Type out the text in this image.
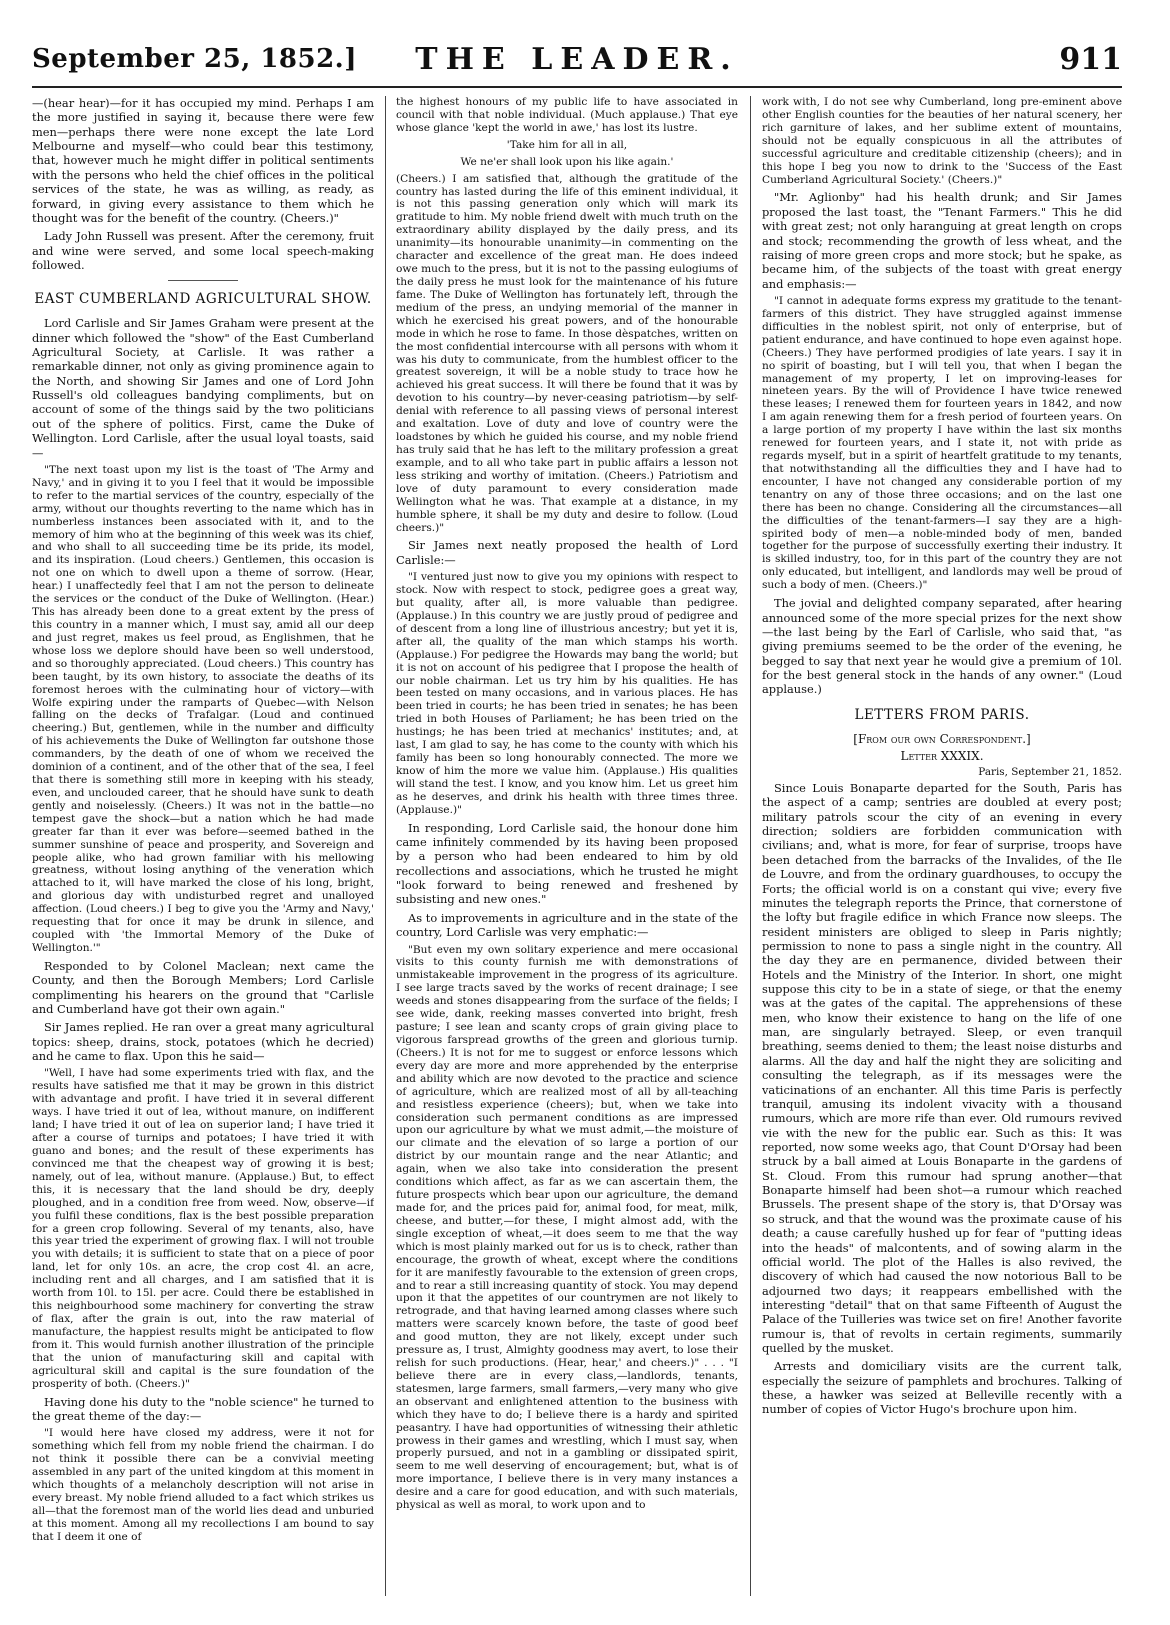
September 25, 1852.]	THE LEADER.	911

—(hear hear)—for it has occupied my mind. Perhaps I am the more justified in saying it, because there were few men—perhaps there were none except the late Lord Melbourne and myself—who could bear this testimony, that, however much he might differ in political sentiments with the persons who held the chief offices in the political services of the state, he was as willing, as ready, as forward, in giving every assistance to them which he thought was for the benefit of the country. (Cheers.)"

Lady John Russell was present. After the ceremony, fruit and wine were served, and some local speech-making followed.

EAST CUMBERLAND AGRICULTURAL SHOW.

Lord Carlisle and Sir James Graham were present at the dinner which followed the "show" of the East Cumberland Agricultural Society, at Carlisle. It was rather a remarkable dinner, not only as giving prominence again to the North, and showing Sir James and one of Lord John Russell's old colleagues bandying compliments, but on account of some of the things said by the two politicians out of the sphere of politics. First, came the Duke of Wellington. Lord Carlisle, after the usual loyal toasts, said—

"The next toast upon my list is the toast of 'The Army and Navy,' and in giving it to you I feel that it would be impossible to refer to the martial services of the country, especially of the army, without our thoughts reverting to the name which has in numberless instances been associated with it, and to the memory of him who at the beginning of this week was its chief, and who shall to all succeeding time be its pride, its model, and its inspiration. (Loud cheers.) Gentlemen, this occasion is not one on which to dwell upon a theme of sorrow. (Hear, hear.) I unaffectedly feel that I am not the person to delineate the services or the conduct of the Duke of Wellington. (Hear.) This has already been done to a great extent by the press of this country in a manner which, I must say, amid all our deep and just regret, makes us feel proud, as Englishmen, that he whose loss we deplore should have been so well understood, and so thoroughly appreciated. (Loud cheers.) This country has been taught, by its own history, to associate the deaths of its foremost heroes with the culminating hour of victory—with Wolfe expiring under the ramparts of Quebec—with Nelson falling on the decks of Trafalgar. (Loud and continued cheering.) But, gentlemen, while in the number and difficulty of his achievements the Duke of Wellington far outshone those commanders, by the death of one of whom we received the dominion of a continent, and of the other that of the sea, I feel that there is something still more in keeping with his steady, even, and unclouded career, that he should have sunk to death gently and noiselessly. (Cheers.) It was not in the battle—no tempest gave the shock—but a nation which he had made greater far than it ever was before—seemed bathed in the summer sunshine of peace and prosperity, and Sovereign and people alike, who had grown familiar with his mellowing greatness, without losing anything of the veneration which attached to it, will have marked the close of his long, bright, and glorious day with undisturbed regret and unalloyed affection. (Loud cheers.) I beg to give you the 'Army and Navy,' requesting that for once it may be drunk in silence, and coupled with 'the Immortal Memory of the Duke of Wellington.'"

Responded to by Colonel Maclean; next came the County, and then the Borough Members; Lord Carlisle complimenting his hearers on the ground that "Carlisle and Cumberland have got their own again."

Sir James replied. He ran over a great many agricultural topics: sheep, drains, stock, potatoes (which he decried) and he came to flax. Upon this he said—

"Well, I have had some experiments tried with flax, and the results have satisfied me that it may be grown in this district with advantage and profit. I have tried it in several different ways. I have tried it out of lea, without manure, on indifferent land; I have tried it out of lea on superior land; I have tried it after a course of turnips and potatoes; I have tried it with guano and bones; and the result of these experiments has convinced me that the cheapest way of growing it is best; namely, out of lea, without manure. (Applause.) But, to effect this, it is necessary that the land should be dry, deeply ploughed, and in a condition free from weed. Now, observe—if you fulfil these conditions, flax is the best possible preparation for a green crop following. Several of my tenants, also, have this year tried the experiment of growing flax. I will not trouble you with details; it is sufficient to state that on a piece of poor land, let for only 10s. an acre, the crop cost 4l. an acre, including rent and all charges, and I am satisfied that it is worth from 10l. to 15l. per acre. Could there be established in this neighbourhood some machinery for converting the straw of flax, after the grain is out, into the raw material of manufacture, the happiest results might be anticipated to flow from it. This would furnish another illustration of the principle that the union of manufacturing skill and capital with agricultural skill and capital is the sure foundation of the prosperity of both. (Cheers.)"

Having done his duty to the "noble science" he turned to the great theme of the day:—

"I would here have closed my address, were it not for something which fell from my noble friend the chairman. I do not think it possible there can be a convivial meeting assembled in any part of the united kingdom at this moment in which thoughts of a melancholy description will not arise in every breast. My noble friend alluded to a fact which strikes us all—that the foremost man of the world lies dead and unburied at this moment. Among all my recollections I am bound to say that I deem it one of

the highest honours of my public life to have associated in council with that noble individual. (Much applause.) That eye whose glance 'kept the world in awe,' has lost its lustre.

'Take him for all in all,

We ne'er shall look upon his like again.'

(Cheers.) I am satisfied that, although the gratitude of the country has lasted during the life of this eminent individual, it is not this passing generation only which will mark its gratitude to him. My noble friend dwelt with much truth on the extraordinary ability displayed by the daily press, and its unanimity—its honourable unanimity—in commenting on the character and excellence of the great man. He does indeed owe much to the press, but it is not to the passing eulogiums of the daily press he must look for the maintenance of his future fame. The Duke of Wellington has fortunately left, through the medium of the press, an undying memorial of the manner in which he exercised his great powers, and of the honourable mode in which he rose to fame. In those dèspatches, written on the most confidential intercourse with all persons with whom it was his duty to communicate, from the humblest officer to the greatest sovereign, it will be a noble study to trace how he achieved his great success. It will there be found that it was by devotion to his country—by never-ceasing patriotism—by self-denial with reference to all passing views of personal interest and exaltation. Love of duty and love of country were the loadstones by which he guided his course, and my noble friend has truly said that he has left to the military profession a great example, and to all who take part in public affairs a lesson not less striking and worthy of imitation. (Cheers.) Patriotism and love of duty paramount to every consideration made Wellington what he was. That example at a distance, in my humble sphere, it shall be my duty and desire to follow. (Loud cheers.)"

Sir James next neatly proposed the health of Lord Carlisle:—

"I ventured just now to give you my opinions with respect to stock. Now with respect to stock, pedigree goes a great way, but quality, after all, is more valuable than pedigree. (Applause.) In this country we are justly proud of pedigree and of descent from a long line of illustrious ancestry; but yet it is, after all, the quality of the man which stamps his worth. (Applause.) For pedigree the Howards may bang the world; but it is not on account of his pedigree that I propose the health of our noble chairman. Let us try him by his qualities. He has been tested on many occasions, and in various places. He has been tried in courts; he has been tried in senates; he has been tried in both Houses of Parliament; he has been tried on the hustings; he has been tried at mechanics' institutes; and, at last, I am glad to say, he has come to the county with which his family has been so long honourably connected. The more we know of him the more we value him. (Applause.) His qualities will stand the test. I know, and you know him. Let us greet him as he deserves, and drink his health with three times three. (Applause.)"

In responding, Lord Carlisle said, the honour done him came infinitely commended by its having been proposed by a person who had been endeared to him by old recollections and associations, which he trusted he might "look forward to being renewed and freshened by subsisting and new ones."

As to improvements in agriculture and in the state of the country, Lord Carlisle was very emphatic:—

"But even my own solitary experience and mere occasional visits to this county furnish me with demonstrations of unmistakeable improvement in the progress of its agriculture. I see large tracts saved by the works of recent drainage; I see weeds and stones disappearing from the surface of the fields; I see wide, dank, reeking masses converted into bright, fresh pasture; I see lean and scanty crops of grain giving place to vigorous farspread growths of the green and glorious turnip. (Cheers.) It is not for me to suggest or enforce lessons which every day are more and more apprehended by the enterprise and ability which are now devoted to the practice and science of agriculture, which are realized most of all by all-teaching and resistless experience (cheers); but, when we take into consideration such permanent conditions as are impressed upon our agriculture by what we must admit,—the moisture of our climate and the elevation of so large a portion of our district by our mountain range and the near Atlantic; and again, when we also take into consideration the present conditions which affect, as far as we can ascertain them, the future prospects which bear upon our agriculture, the demand made for, and the prices paid for, animal food, for meat, milk, cheese, and butter,—for these, I might almost add, with the single exception of wheat,—it does seem to me that the way which is most plainly marked out for us is to check, rather than encourage, the growth of wheat, except where the conditions for it are manifestly favourable to the extension of green crops, and to rear a still increasing quantity of stock. You may depend upon it that the appetites of our countrymen are not likely to retrograde, and that having learned among classes where such matters were scarcely known before, the taste of good beef and good mutton, they are not likely, except under such pressure as, I trust, Almighty goodness may avert, to lose their relish for such productions. (Hear, hear,' and cheers.)" . . . "I believe there are in every class,—landlords, tenants, statesmen, large farmers, small farmers,—very many who give an observant and enlightened attention to the business with which they have to do; I believe there is a hardy and spirited peasantry. I have had opportunities of witnessing their athletic prowess in their games and wrestling, which I must say, when properly pursued, and not in a gambling or dissipated spirit, seem to me well deserving of encouragement; but, what is of more importance, I believe there is in very many instances a desire and a care for good education, and with such materials, physical as well as moral, to work upon and to

work with, I do not see why Cumberland, long pre-eminent above other English counties for the beauties of her natural scenery, her rich garniture of lakes, and her sublime extent of mountains, should not be equally conspicuous in all the attributes of successful agriculture and creditable citizenship (cheers); and in this hope I beg you now to drink to the 'Success of the East Cumberland Agricultural Society.' (Cheers.)"

"Mr. Aglionby" had his health drunk; and Sir James proposed the last toast, the "Tenant Farmers." This he did with great zest; not only haranguing at great length on crops and stock; recommending the growth of less wheat, and the raising of more green crops and more stock; but he spake, as became him, of the subjects of the toast with great energy and emphasis:—

"I cannot in adequate forms express my gratitude to the tenant-farmers of this district. They have struggled against immense difficulties in the noblest spirit, not only of enterprise, but of patient endurance, and have continued to hope even against hope. (Cheers.) They have performed prodigies of late years. I say it in no spirit of boasting, but I will tell you, that when I began the management of my property, I let on improving-leases for nineteen years. By the will of Providence I have twice renewed these leases; I renewed them for fourteen years in 1842, and now I am again renewing them for a fresh period of fourteen years. On a large portion of my property I have within the last six months renewed for fourteen years, and I state it, not with pride as regards myself, but in a spirit of heartfelt gratitude to my tenants, that notwithstanding all the difficulties they and I have had to encounter, I have not changed any considerable portion of my tenantry on any of those three occasions; and on the last one there has been no change. Considering all the circumstances—all the difficulties of the tenant-farmers—I say they are a high-spirited body of men—a noble-minded body of men, banded together for the purpose of successfully exerting their industry. It is skilled industry, too, for in this part of the country they are not only educated, but intelligent, and landlords may well be proud of such a body of men. (Cheers.)"

The jovial and delighted company separated, after hearing announced some of the more special prizes for the next show—the last being by the Earl of Carlisle, who said that, "as giving premiums seemed to be the order of the evening, he begged to say that next year he would give a premium of 10l. for the best general stock in the hands of any owner." (Loud applause.)

LETTERS FROM PARIS.
[From our own Correspondent.]
Letter XXXIX.
Paris, September 21, 1852.

Since Louis Bonaparte departed for the South, Paris has the aspect of a camp; sentries are doubled at every post; military patrols scour the city of an evening in every direction; soldiers are forbidden communication with civilians; and, what is more, for fear of surprise, troops have been detached from the barracks of the Invalides, of the Ile de Louvre, and from the ordinary guardhouses, to occupy the Forts; the official world is on a constant qui vive; every five minutes the telegraph reports the Prince, that cornerstone of the lofty but fragile edifice in which France now sleeps. The resident ministers are obliged to sleep in Paris nightly; permission to none to pass a single night in the country. All the day they are en permanence, divided between their Hotels and the Ministry of the Interior. In short, one might suppose this city to be in a state of siege, or that the enemy was at the gates of the capital. The apprehensions of these men, who know their existence to hang on the life of one man, are singularly betrayed. Sleep, or even tranquil breathing, seems denied to them; the least noise disturbs and alarms. All the day and half the night they are soliciting and consulting the telegraph, as if its messages were the vaticinations of an enchanter. All this time Paris is perfectly tranquil, amusing its indolent vivacity with a thousand rumours, which are more rife than ever. Old rumours revived vie with the new for the public ear. Such as this: It was reported, now some weeks ago, that Count D'Orsay had been struck by a ball aimed at Louis Bonaparte in the gardens of St. Cloud. From this rumour had sprung another—that Bonaparte himself had been shot—a rumour which reached Brussels. The present shape of the story is, that D'Orsay was so struck, and that the wound was the proximate cause of his death; a cause carefully hushed up for fear of "putting ideas into the heads" of malcontents, and of sowing alarm in the official world. The plot of the Halles is also revived, the discovery of which had caused the now notorious Ball to be adjourned two days; it reappears embellished with the interesting "detail" that on that same Fifteenth of August the Palace of the Tuilleries was twice set on fire! Another favorite rumour is, that of revolts in certain regiments, summarily quelled by the musket.

Arrests and domiciliary visits are the current talk, especially the seizure of pamphlets and brochures. Talking of these, a hawker was seized at Belleville recently with a number of copies of Victor Hugo's brochure upon him.
